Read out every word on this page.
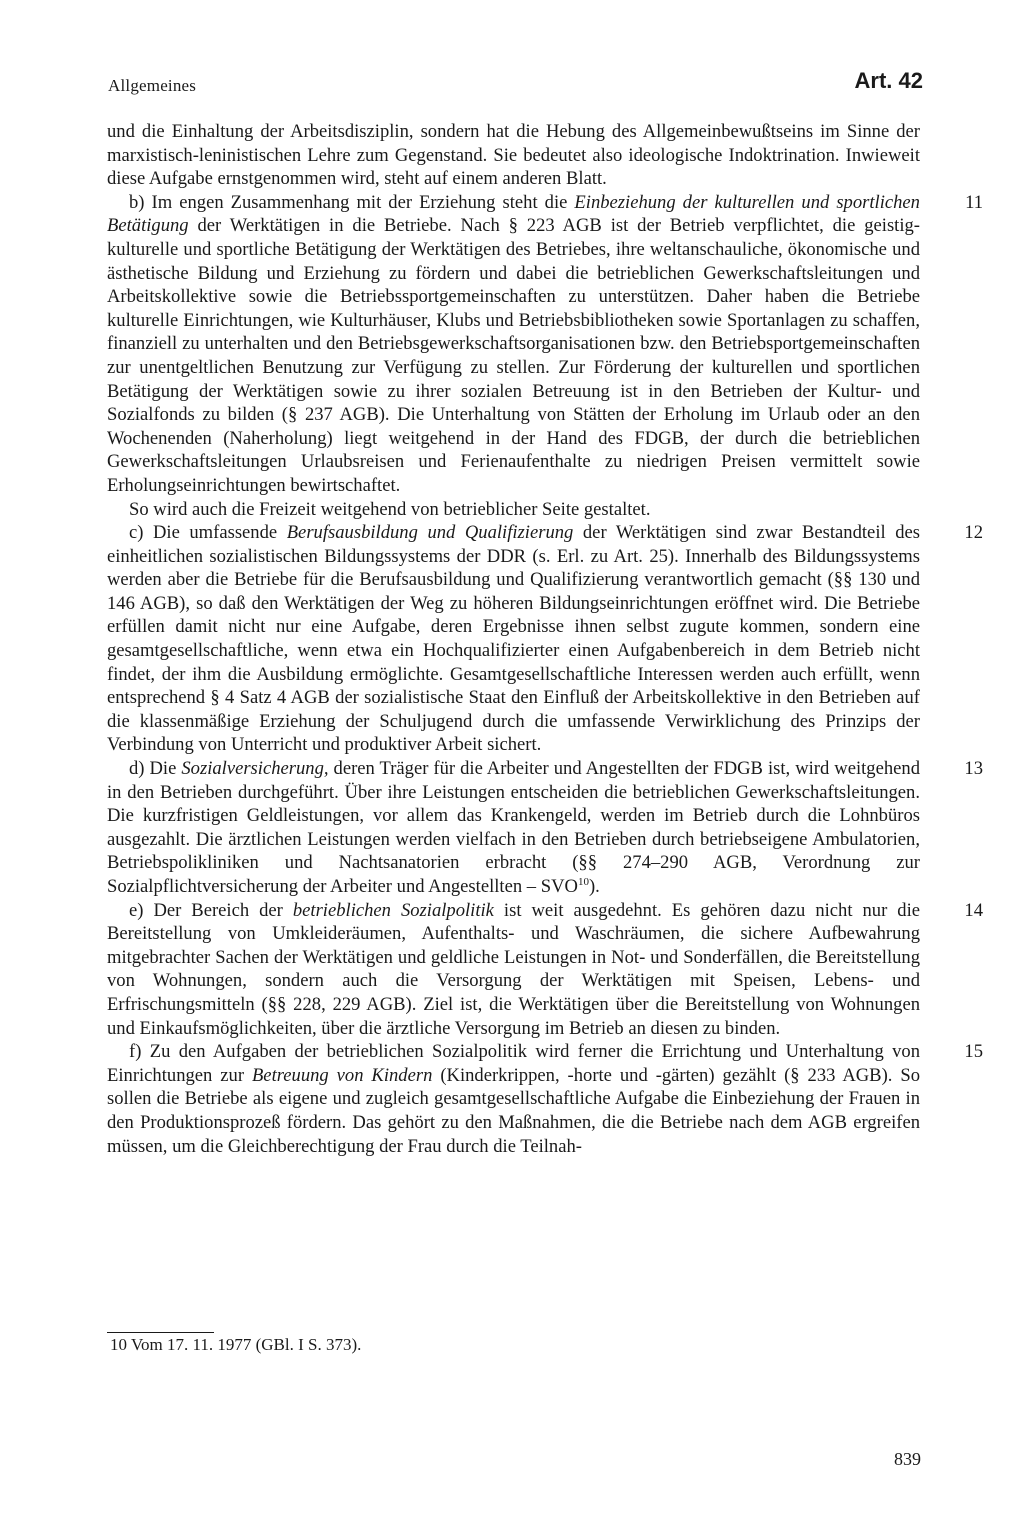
Allgemeines	Art. 42

und die Einhaltung der Arbeitsdisziplin, sondern hat die Hebung des Allgemeinbewußtseins im Sinne der marxistisch-leninistischen Lehre zum Gegenstand. Sie bedeutet also ideologische Indoktrination. Inwieweit diese Aufgabe ernstgenommen wird, steht auf einem anderen Blatt.

b) Im engen Zusammenhang mit der Erziehung steht die Einbeziehung der kulturellen und sportlichen Betätigung der Werktätigen in die Betriebe. Nach § 223 AGB ist der Betrieb verpflichtet, die geistig-kulturelle und sportliche Betätigung der Werktätigen des Betriebes, ihre weltanschauliche, ökonomische und ästhetische Bildung und Erziehung zu fördern und dabei die betrieblichen Gewerkschaftsleitungen und Arbeitskollektive sowie die Betriebssportgemeinschaften zu unterstützen. Daher haben die Betriebe kulturelle Einrichtungen, wie Kulturhäuser, Klubs und Betriebsbibliotheken sowie Sportanlagen zu schaffen, finanziell zu unterhalten und den Betriebsgewerkschaftsorganisationen bzw. den Betriebsportgemeinschaften zur unentgeltlichen Benutzung zur Verfügung zu stellen. Zur Förderung der kulturellen und sportlichen Betätigung der Werktätigen sowie zu ihrer sozialen Betreuung ist in den Betrieben der Kultur- und Sozialfonds zu bilden (§ 237 AGB). Die Unterhaltung von Stätten der Erholung im Urlaub oder an den Wochenenden (Naherholung) liegt weitgehend in der Hand des FDGB, der durch die betrieblichen Gewerkschaftsleitungen Urlaubsreisen und Ferienaufenthalte zu niedrigen Preisen vermittelt sowie Erholungseinrichtungen bewirtschaftet.

11

So wird auch die Freizeit weitgehend von betrieblicher Seite gestaltet.

c) Die umfassende Berufsausbildung und Qualifizierung der Werktätigen sind zwar Bestandteil des einheitlichen sozialistischen Bildungssystems der DDR (s. Erl. zu Art. 25). Innerhalb des Bildungssystems werden aber die Betriebe für die Berufsausbildung und Qualifizierung verantwortlich gemacht (§§ 130 und 146 AGB), so daß den Werktätigen der Weg zu höheren Bildungseinrichtungen eröffnet wird. Die Betriebe erfüllen damit nicht nur eine Aufgabe, deren Ergebnisse ihnen selbst zugute kommen, sondern eine gesamtgesellschaftliche, wenn etwa ein Hochqualifizierter einen Aufgabenbereich in dem Betrieb nicht findet, der ihm die Ausbildung ermöglichte. Gesamtgesellschaftliche Interessen werden auch erfüllt, wenn entsprechend § 4 Satz 4 AGB der sozialistische Staat den Einfluß der Arbeitskollektive in den Betrieben auf die klassenmäßige Erziehung der Schuljugend durch die umfassende Verwirklichung des Prinzips der Verbindung von Unterricht und produktiver Arbeit sichert.

12

d) Die Sozialversicherung, deren Träger für die Arbeiter und Angestellten der FDGB ist, wird weitgehend in den Betrieben durchgeführt. Über ihre Leistungen entscheiden die betrieblichen Gewerkschaftsleitungen. Die kurzfristigen Geldleistungen, vor allem das Krankengeld, werden im Betrieb durch die Lohnbüros ausgezahlt. Die ärztlichen Leistungen werden vielfach in den Betrieben durch betriebseigene Ambulatorien, Betriebspolikliniken und Nachtsanatorien erbracht (§§ 274–290 AGB, Verordnung zur Sozialpflichtversicherung der Arbeiter und Angestellten – SVO$^{10}$).

13

e) Der Bereich der betrieblichen Sozialpolitik ist weit ausgedehnt. Es gehören dazu nicht nur die Bereitstellung von Umkleideräumen, Aufenthalts- und Waschräumen, die sichere Aufbewahrung mitgebrachter Sachen der Werktätigen und geldliche Leistungen in Not- und Sonderfällen, die Bereitstellung von Wohnungen, sondern auch die Versorgung der Werktätigen mit Speisen, Lebens- und Erfrischungsmitteln (§§ 228, 229 AGB). Ziel ist, die Werktätigen über die Bereitstellung von Wohnungen und Einkaufsmöglichkeiten, über die ärztliche Versorgung im Betrieb an diesen zu binden.

14

f) Zu den Aufgaben der betrieblichen Sozialpolitik wird ferner die Errichtung und Unterhaltung von Einrichtungen zur Betreuung von Kindern (Kinderkrippen, -horte und -gärten) gezählt (§ 233 AGB). So sollen die Betriebe als eigene und zugleich gesamtgesellschaftliche Aufgabe die Einbeziehung der Frauen in den Produktionsprozeß fördern. Das gehört zu den Maßnahmen, die die Betriebe nach dem AGB ergreifen müssen, um die Gleichberechtigung der Frau durch die Teilnah-

15
10 Vom 17. 11. 1977 (GBl. I S. 373).
839
